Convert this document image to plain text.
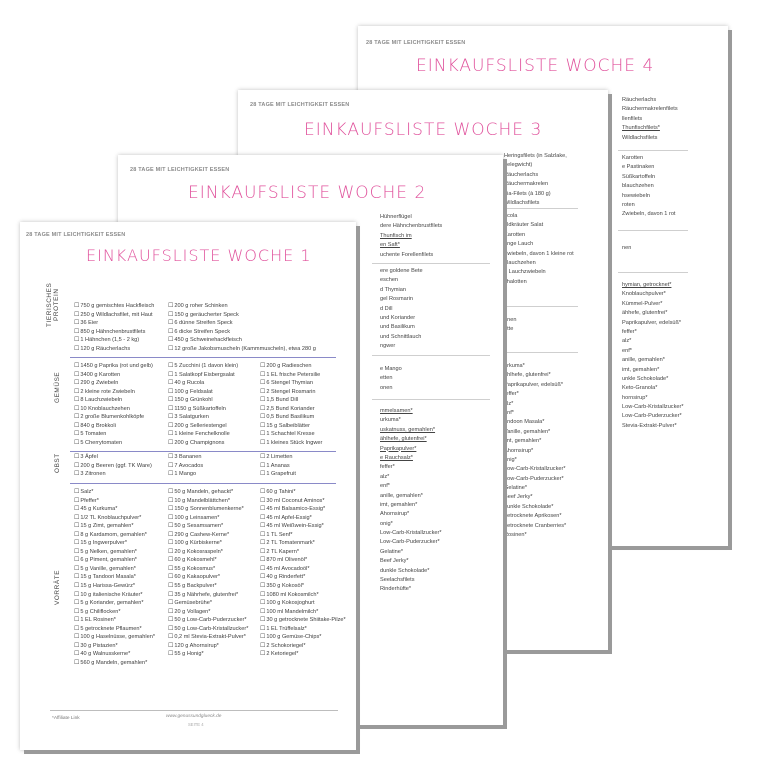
28 TAGE MIT LEICHTIGKEIT ESSEN
EINKAUFSLISTE WOCHE 4
Räucherlachs
Räuchermakrelenfilets
llenfilets
Thunfischfilets*
Wildlachsfilets
Karotten
e Pastinaken
Süßkartoffeln
blauchzehen
hsewiebeln
roten
Zwiebeln, davon 1 rot
nen
hymian, getrocknet*
Knoblauchpulver*
Kümmel-Pulver*
ähhefe, glutenfrei*
Paprikapulver, edelsüß*
feffer*
alz*
enf*
anille, gemahlen*
imt, gemahlen*
unkle Schokolade*
Keto-Granola*
hornsirup*
Low-Carb-Kristallzucker*
Low-Carb-Puderzucker*
Stevia-Extrakt-Pulver*
28 TAGE MIT LEICHTIGKEIT ESSEN
EINKAUFSLISTE WOCHE 3
Heringsfilets (in Salzlake,
gelegwicht)
Räucherlachs
Räuchermakrelen
pia-Filets (à 180 g)
Wildlachsfilets
ucola
eldkräuter Salat
Karotten
ange Lauch
Zwiebeln, davon 1 kleine rot
blauchzehen
d Lauchzwiebeln
chalotten
onen
ette
urkuma*
ählhefe, glutenfrei*
Paprikapulver, edelsüß*
feffer*
alz*
enf*
andoon Masala*
Vanille, gemahlen*
imt, gemahlen*
Ahornsirup*
onig*
Low-Carb-Kristallzucker*
Low-Carb-Puderzucker*
Gelatine*
Beef Jerky*
dunkle Schokolade*
getrocknete Aprikosen*
getrocknete Cranberries*
Rosinen*
28 TAGE MIT LEICHTIGKEIT ESSEN
EINKAUFSLISTE WOCHE 2
Hühnerflügel
dere Hähnchenbrustfilets
Thunfisch im
en Saft*
uchente Forellenfilets
ere goldene Bete
eschen
d Thymian
gel Rosmarin
d Dill
und Koriander
und Basilikum
und Schnittlauch
ngwer
e Mango
etten
onen
mmelsamen*
urkuma*
uskatnuss, gemahlen*
ählhefe, glutenfrei*
Paprikapulver*
e Rauchsalz*
feffer*
alz*
enf*
anille, gemahlen*
imt, gemahlen*
Ahornsirup*
onig*
Low-Carb-Kristallzucker*
Low-Carb-Puderzucker*
Gelatine*
Beef Jerky*
dunkle Schokolade*
Seelachsfilets
Rinderhüfte*
28 TAGE MIT LEICHTIGKEIT ESSEN
EINKAUFSLISTE WOCHE 1
TIERISCHES PROTEIN
GEMÜSE
OBST
VORRÄTE
☐ 750 g gemischtes Hackfleisch
☐ 250 g Wildlachsfilet, mit Haut
☐ 36 Eier
☐ 850 g Hähnchenbrustfilets
☐ 1 Hähnchen (1,5 - 2 kg)
☐ 120 g Räucherlachs
☐ 200 g roher Schinken
☐ 150 g geräucherter Speck
☐ 6 dünne Streifen Speck
☐ 6 dicke Streifen Speck
☐ 450 g Schweinehackfleisch
☐ 12 große Jakobsmuscheln (Kammmuscheln), etwa 280 g
☐ 1450 g Paprika (rot und gelb)
☐ 3400 g Karotten
☐ 290 g Zwiebeln
☐ 2 kleine rote Zwiebeln
☐ 8 Lauchzwiebeln
☐ 10 Knoblauchzehen
☐ 2 große Blumenkohlköpfe
☐ 840 g Brokkoli
☐ 5 Tomaten
☐ 5 Cherrytomaten
☐ 5 Zucchini (1 davon klein)
☐ 1 Salatkopf Eisbergsalat
☐ 40 g Rucola
☐ 100 g Feldsalat
☐ 150 g Grünkohl
☐ 1150 g Süßkartoffeln
☐ 3 Salatgurken
☐ 200 g Selleriestengel
☐ 1 kleine Fenchelknolle
☐ 200 g Champignons
☐ 200 g Radieschen
☐ 1 EL frische Petersilie
☐ 6 Stengel Thymian
☐ 2 Stengel Rosmarin
☐ 1,5 Bund Dill
☐ 2,5 Bund Koriander
☐ 0,5 Bund Basilikum
☐ 15 g Salbeiblätter
☐ 1 Schachtel Kresse
☐ 1 kleines Stück Ingwer
☐ 3 Äpfel
☐ 200 g Beeren (ggf. TK Ware)
☐ 3 Zitronen
☐ 3 Bananen
☐ 7 Avocados
☐ 1 Mango
☐ 2 Limetten
☐ 1 Ananas
☐ 1 Grapefruit
☐ Salz*
☐ Pfeffer*
☐ 45 g Kurkuma*
☐ 1/2 TL Knoblauchpulver*
☐ 15 g Zimt, gemahlen*
☐ 8 g Kardamom, gemahlen*
☐ 15 g Ingwerpulver*
☐ 5 g Nelken, gemahlen*
☐ 6 g Piment, gemahlen*
☐ 5 g Vanille, gemahlen*
☐ 15 g Tandoori Masala*
☐ 15 g Harissa-Gewürz*
☐ 10 g italienische Kräuter*
☐ 5 g Koriander, gemahlen*
☐ 5 g Chiliflocken*
☐ 1 EL Rosinen*
☐ 5 getrocknete Pflaumen*
☐ 100 g Haselnüsse, gemahlen*
☐ 30 g Pistazien*
☐ 40 g Walnusskerne*
☐ 560 g Mandeln, gemahlen*
☐ 50 g Mandeln, gehackt*
☐ 10 g Mandelblättchen*
☐ 150 g Sonnenblumenkerne*
☐ 100 g Leinsamen*
☐ 50 g Sesamsamen*
☐ 290 g Cashew-Kerne*
☐ 100 g Kürbiskerne*
☐ 20 g Kokosraspeln*
☐ 60 g Kokosmehl*
☐ 55 g Kokosmus*
☐ 60 g Kakaopulver*
☐ 55 g Backpulver*
☐ 35 g Nährhefe, glutenfrei*
☐ Gemüsebrühe*
☐ 20 g Vollagen*
☐ 50 g Low-Carb-Puderzucker*
☐ 50 g Low-Carb-Kristallzucker*
☐ 0,2 ml Stevia-Extrakt-Pulver*
☐ 120 g Ahornsirup*
☐ 55 g Honig*
☐ 60 g Tahini*
☐ 30 ml Coconut Aminos*
☐ 45 ml Balsamico-Essig*
☐ 45 ml Apfel-Essig*
☐ 45 ml Weißwein-Essig*
☐ 1 TL Senf*
☐ 2 TL Tomatenmark*
☐ 2 TL Kapern*
☐ 870 ml Olivenöl*
☐ 45 ml Avocadoöl*
☐ 40 g Rinderfett*
☐ 350 g Kokosöl*
☐ 1080 ml Kokosmilch*
☐ 100 g Kokosjoghurt
☐ 100 ml Mandelmilch*
☐ 30 g getrocknete Shiitake-Pilze*
☐ 1 EL Trüffelsalz*
☐ 100 g Gemüse-Chips*
☐ 2 Schokoriegel*
☐ 2 Ketoriegel*
*Affiliate Link	www.genussundglueck.de
SEITE 4
